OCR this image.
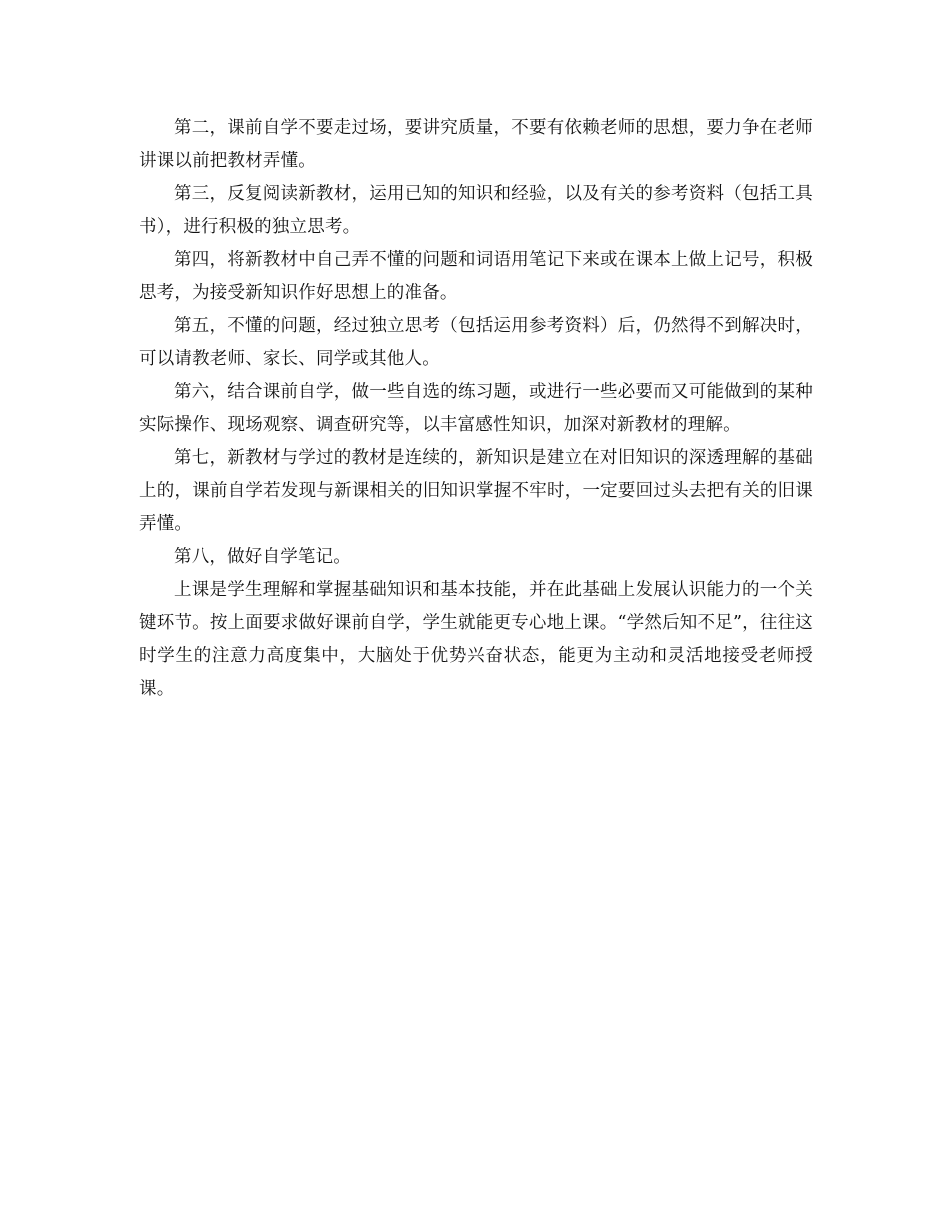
第二，课前自学不要走过场，要讲究质量，不要有依赖老师的思想，要力争在老师讲课以前把教材弄懂。

第三，反复阅读新教材，运用已知的知识和经验，以及有关的参考资料（包括工具书），进行积极的独立思考。

第四，将新教材中自己弄不懂的问题和词语用笔记下来或在课本上做上记号，积极思考，为接受新知识作好思想上的准备。

第五，不懂的问题，经过独立思考（包括运用参考资料）后，仍然得不到解决时，可以请教老师、家长、同学或其他人。

第六，结合课前自学，做一些自选的练习题，或进行一些必要而又可能做到的某种实际操作、现场观察、调查研究等，以丰富感性知识，加深对新教材的理解。

第七，新教材与学过的教材是连续的，新知识是建立在对旧知识的深透理解的基础上的，课前自学若发现与新课相关的旧知识掌握不牢时，一定要回过头去把有关的旧课弄懂。

第八，做好自学笔记。

上课是学生理解和掌握基础知识和基本技能，并在此基础上发展认识能力的一个关键环节。按上面要求做好课前自学，学生就能更专心地上课。“学然后知不足”，往往这时学生的注意力高度集中，大脑处于优势兴奋状态，能更为主动和灵活地接受老师授课。
